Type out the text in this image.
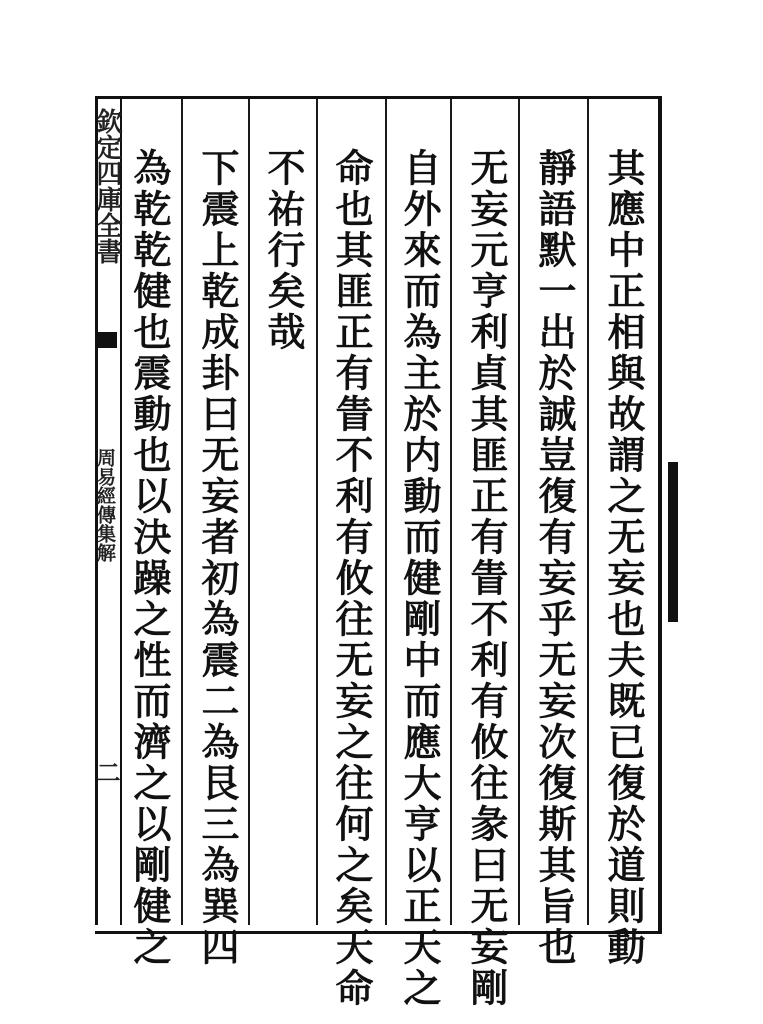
欽定四庫全書
周易經傳集解
二	其應中正相與故謂之无妄也夫既已復於道則動
靜語默一出於誠豈復有妄乎无妄次復斯其旨也
无妄元亨利貞其匪正有眚不利有攸往彖曰无妄剛
自外來而為主於内動而健剛中而應大亨以正天之
命也其匪正有眚不利有攸往无妄之往何之矣天命
不祐行矣哉
下震上乾成卦曰无妄者初為震二為艮三為巽四
為乾乾健也震動也以決躁之性而濟之以剛健之
